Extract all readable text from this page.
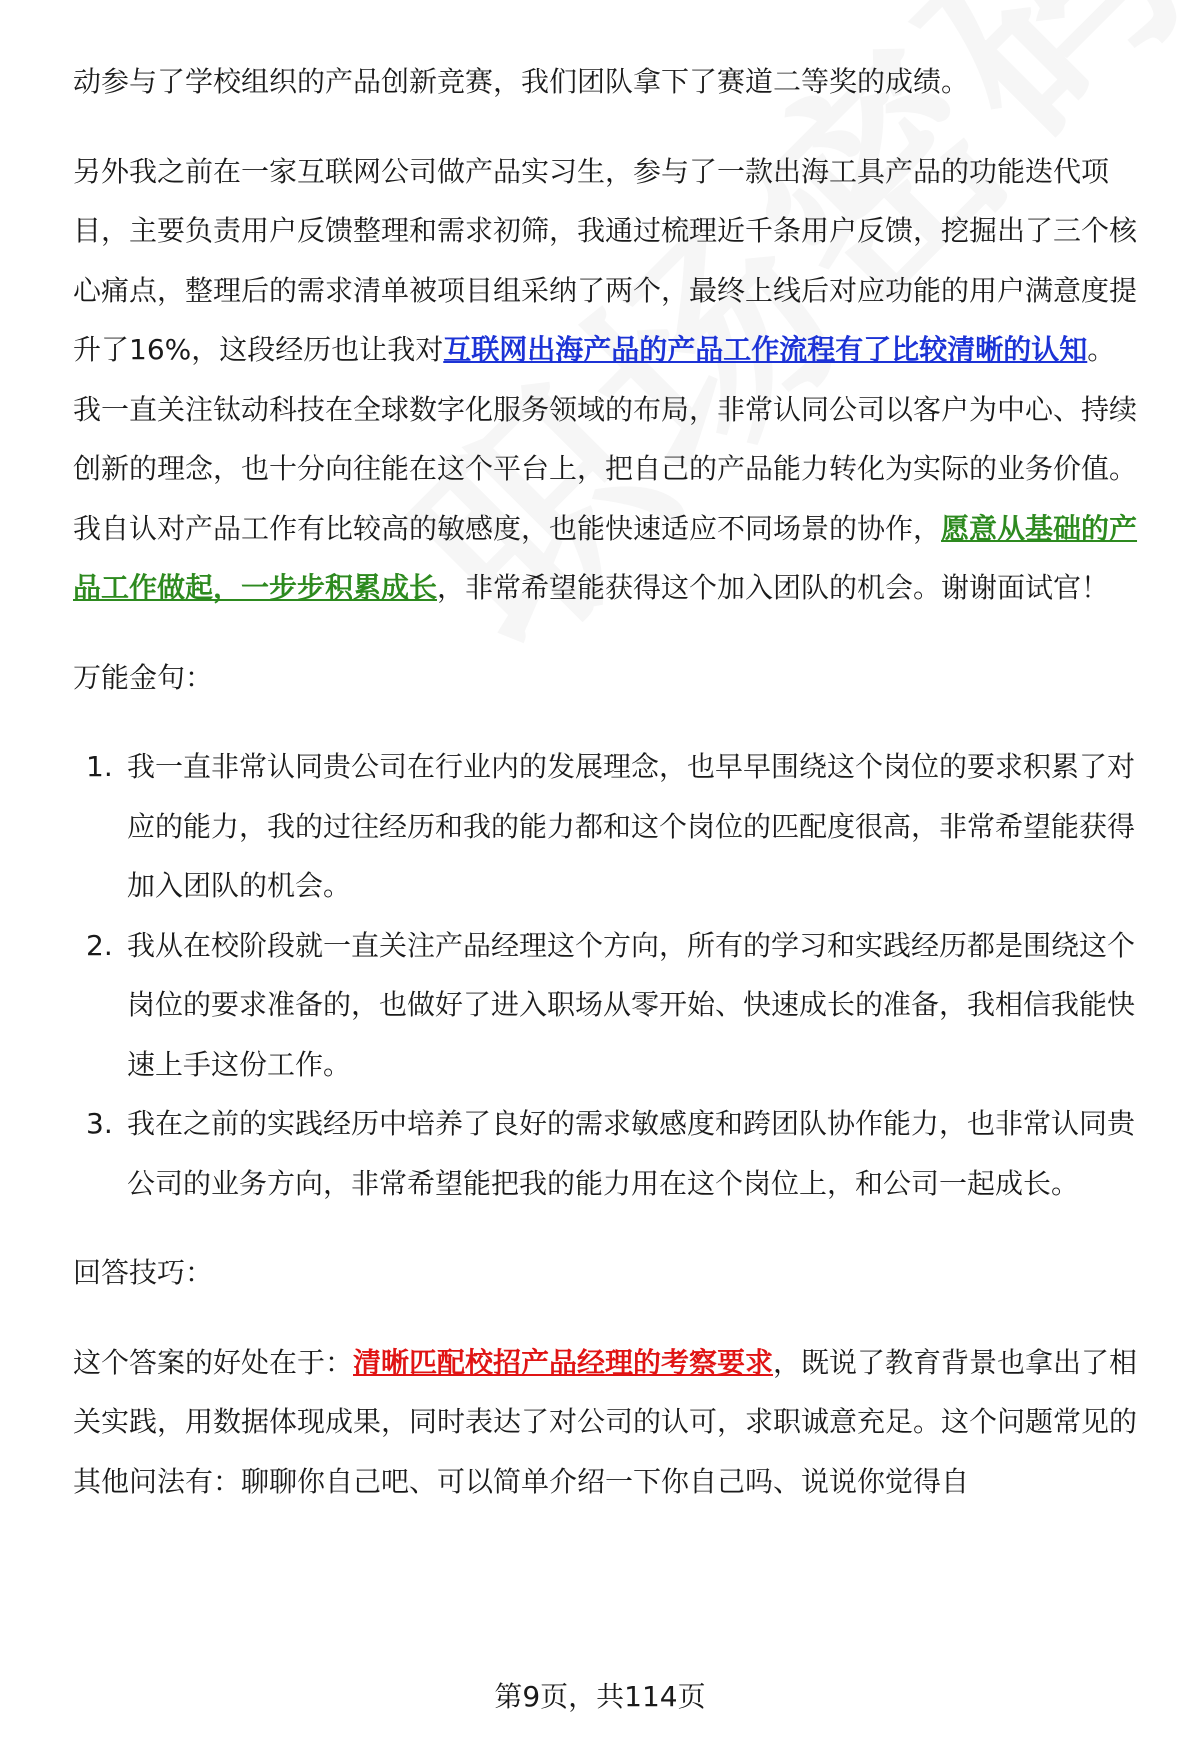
动参与了学校组织的产品创新竞赛，我们团队拿下了赛道二等奖的成绩。

另外我之前在一家互联网公司做产品实习生，参与了一款出海工具产品的功能迭代项目，主要负责用户反馈整理和需求初筛，我通过梳理近千条用户反馈，挖掘出了三个核心痛点，整理后的需求清单被项目组采纳了两个，最终上线后对应功能的用户满意度提升了16%，这段经历也让我对互联网出海产品的产品工作流程有了比较清晰的认知。

我一直关注钛动科技在全球数字化服务领域的布局，非常认同公司以客户为中心、持续创新的理念，也十分向往能在这个平台上，把自己的产品能力转化为实际的业务价值。我自认对产品工作有比较高的敏感度，也能快速适应不同场景的协作，愿意从基础的产品工作做起，一步步积累成长，非常希望能获得这个加入团队的机会。谢谢面试官！

万能金句：

1. 我一直非常认同贵公司在行业内的发展理念，也早早围绕这个岗位的要求积累了对应的能力，我的过往经历和我的能力都和这个岗位的匹配度很高，非常希望能获得加入团队的机会。
2. 我从在校阶段就一直关注产品经理这个方向，所有的学习和实践经历都是围绕这个岗位的要求准备的，也做好了进入职场从零开始、快速成长的准备，我相信我能快速上手这份工作。
3. 我在之前的实践经历中培养了良好的需求敏感度和跨团队协作能力，也非常认同贵公司的业务方向，非常希望能把我的能力用在这个岗位上，和公司一起成长。

回答技巧：

这个答案的好处在于：清晰匹配校招产品经理的考察要求，既说了教育背景也拿出了相关实践，用数据体现成果，同时表达了对公司的认可，求职诚意充足。这个问题常见的其他问法有：聊聊你自己吧、可以简单介绍一下你自己吗、说说你觉得自

第9页，共114页
